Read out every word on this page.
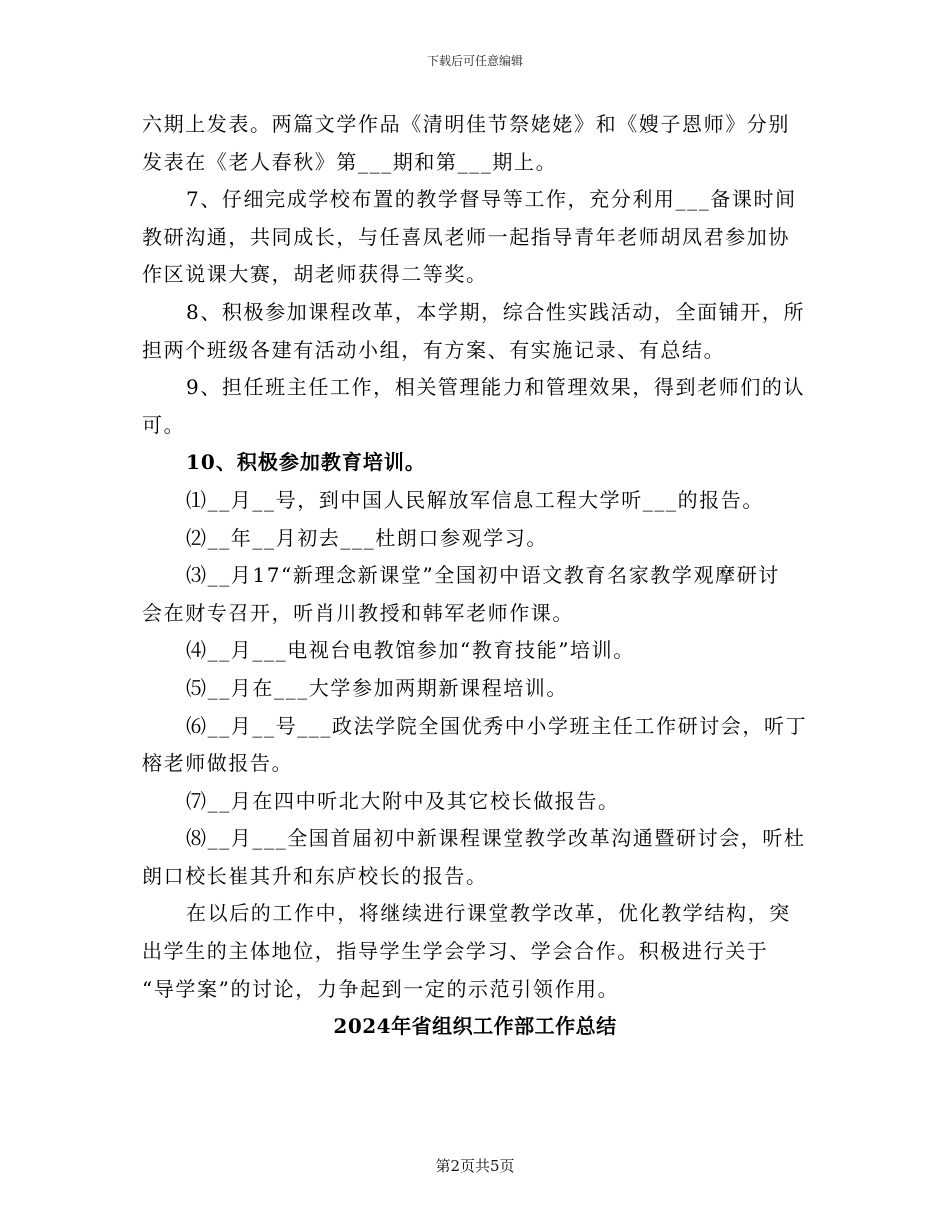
下载后可任意编辑
六期上发表。两篇文学作品《清明佳节祭姥姥》和《嫂子恩师》分别
发表在《老人春秋》第___期和第___期上。
7、仔细完成学校布置的教学督导等工作，充分利用___备课时间
教研沟通，共同成长，与任喜凤老师一起指导青年老师胡凤君参加协
作区说课大赛，胡老师获得二等奖。
8、积极参加课程改革，本学期，综合性实践活动，全面铺开，所
担两个班级各建有活动小组，有方案、有实施记录、有总结。
9、担任班主任工作，相关管理能力和管理效果，得到老师们的认
可。
10、积极参加教育培训。
⑴__月__号，到中国人民解放军信息工程大学听___的报告。
⑵__年__月初去___杜朗口参观学习。
⑶__月17“新理念新课堂”全国初中语文教育名家教学观摩研讨
会在财专召开，听肖川教授和韩军老师作课。
⑷__月___电视台电教馆参加“教育技能”培训。
⑸__月在___大学参加两期新课程培训。
⑹__月__号___政法学院全国优秀中小学班主任工作研讨会，听丁
榕老师做报告。
⑺__月在四中听北大附中及其它校长做报告。
⑻__月___全国首届初中新课程课堂教学改革沟通暨研讨会，听杜
朗口校长崔其升和东庐校长的报告。
在以后的工作中，将继续进行课堂教学改革，优化教学结构，突
出学生的主体地位，指导学生学会学习、学会合作。积极进行关于
“导学案”的讨论，力争起到一定的示范引领作用。
2024年省组织工作部工作总结
第2页共5页
